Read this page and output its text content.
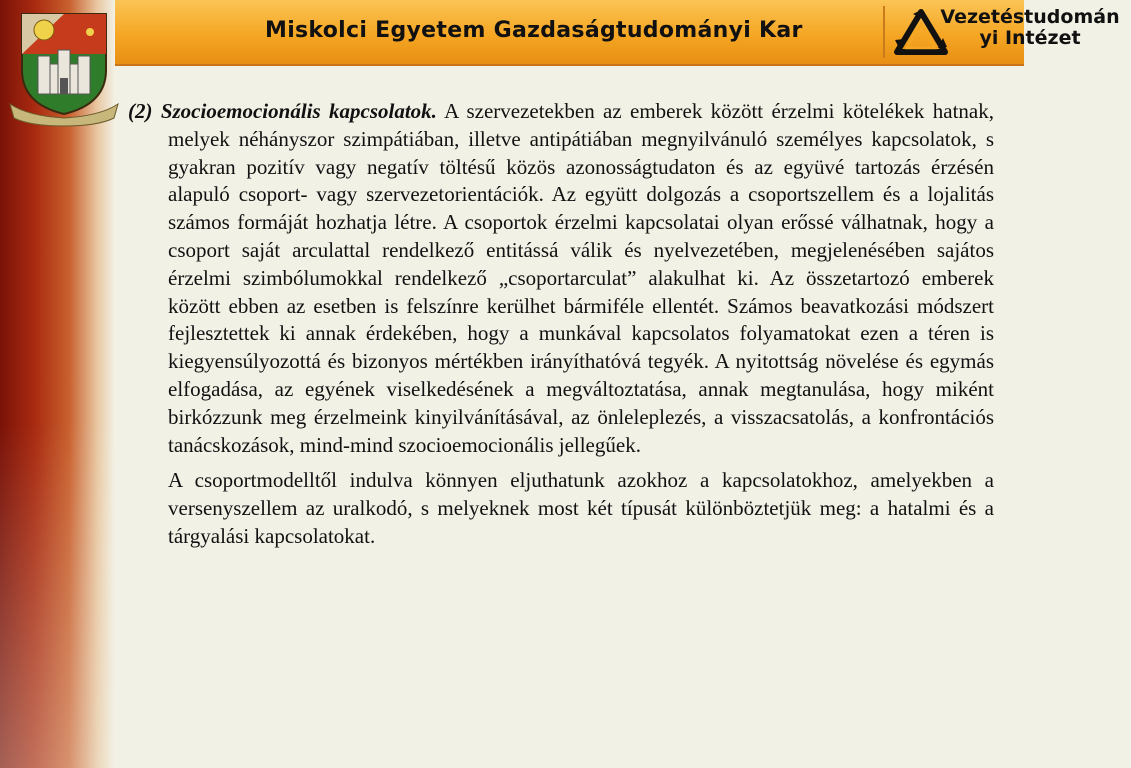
Miskolci Egyetem Gazdaságtudományi Kar
Vezetéstudomán
yi Intézet

(2) Szocioemocionális kapcsolatok. A szervezetekben az emberek között érzelmi kötelékek hatnak, melyek néhányszor szimpátiában, illetve antipátiában megnyilvánuló személyes kapcsolatok, s gyakran pozitív vagy negatív töltésű közös azonosságtudaton és az együvé tartozás érzésén alapuló csoport- vagy szervezetorientációk. Az együtt dolgozás a csoportszellem és a lojalitás számos formáját hozhatja létre. A csoportok érzelmi kapcsolatai olyan erőssé válhatnak, hogy a csoport saját arculattal rendelkező entitássá válik és nyelvezetében, megjelenésében sajátos érzelmi szimbólumokkal rendelkező „csoportarculat” alakulhat ki. Az összetartozó emberek között ebben az esetben is felszínre kerülhet bármiféle ellentét. Számos beavatkozási módszert fejlesztettek ki annak érdekében, hogy a munkával kapcsolatos folyamatokat ezen a téren is kiegyensúlyozottá és bizonyos mértékben irányíthatóvá tegyék. A nyitottság növelése és egymás elfogadása, az egyének viselkedésének a megváltoztatása, annak megtanulása, hogy miként birkózzunk meg érzelmeink kinyilvánításával, az önleleplezés, a visszacsatolás, a konfrontációs tanácskozások, mind-mind szocioemocionális jellegűek.

A csoportmodelltől indulva könnyen eljuthatunk azokhoz a kapcsolatokhoz, amelyekben a versenyszellem az uralkodó, s melyeknek most két típusát különböztetjük meg: a hatalmi és a tárgyalási kapcsolatokat.
